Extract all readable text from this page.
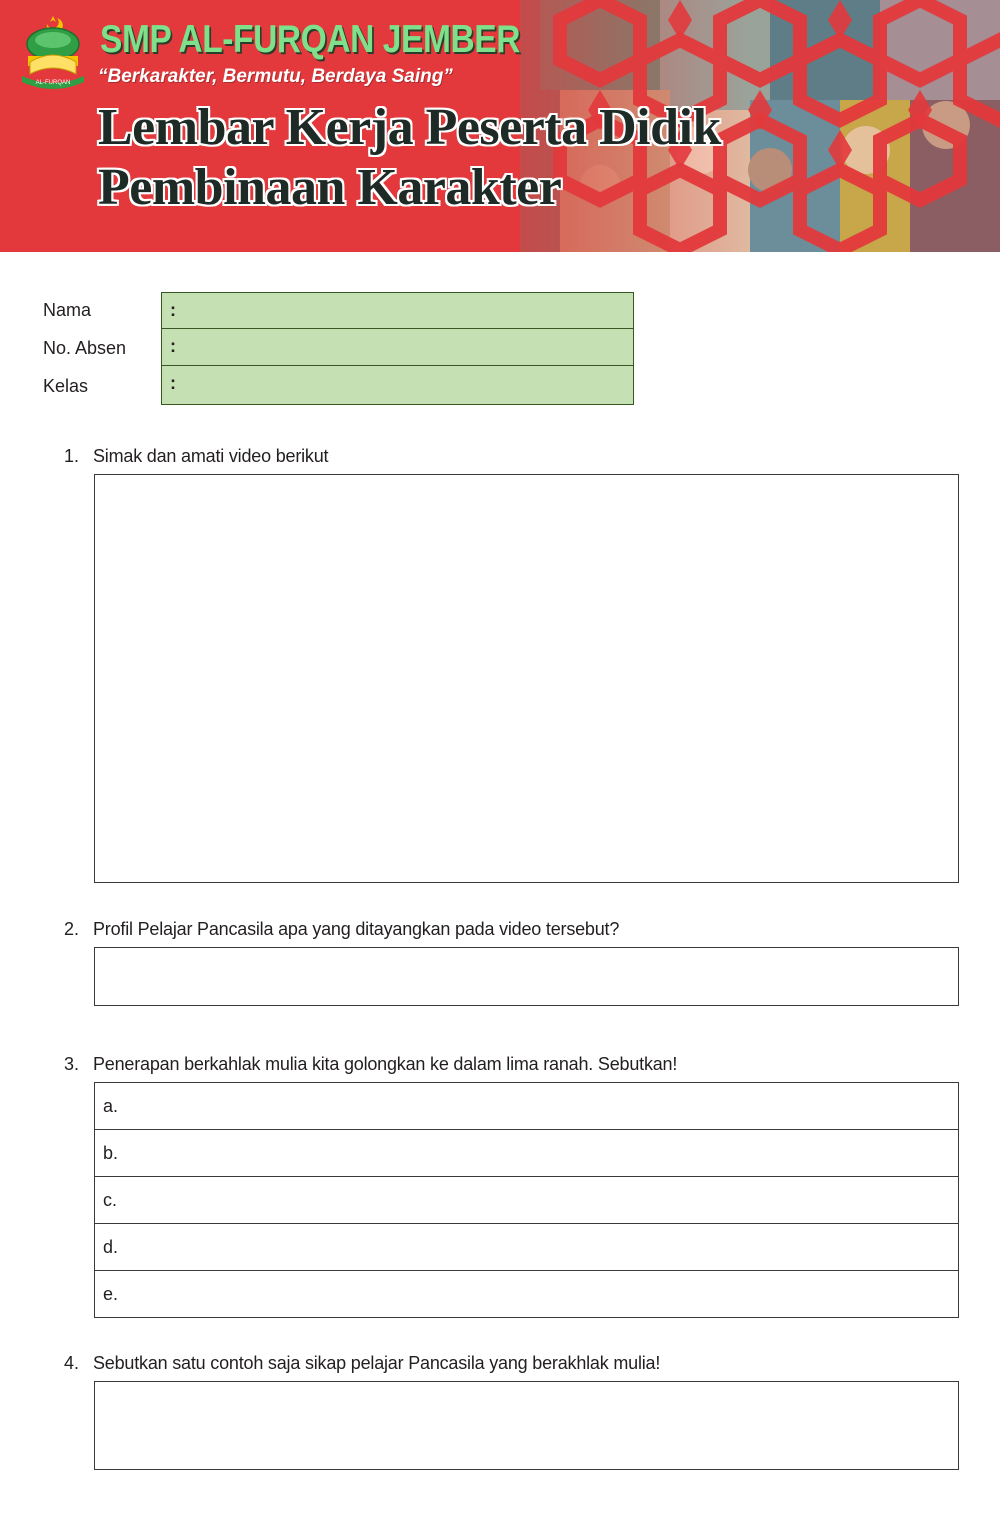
AL-FURQAN
SMP AL-FURQAN JEMBER

“Berkarakter, Bermutu, Berdaya Saing”

Lembar Kerja Peserta Didik
Pembinaan Karakter

Nama

No. Absen

Kelas

:
:
:

1. Simak dan amati video berikut

2. Profil Pelajar Pancasila apa yang ditayangkan pada video tersebut?

3. Penerapan berkahlak mulia kita golongkan ke dalam lima ranah. Sebutkan!

a.
b.
c.
d.
e.

4. Sebutkan satu contoh saja sikap pelajar Pancasila yang berakhlak mulia!
